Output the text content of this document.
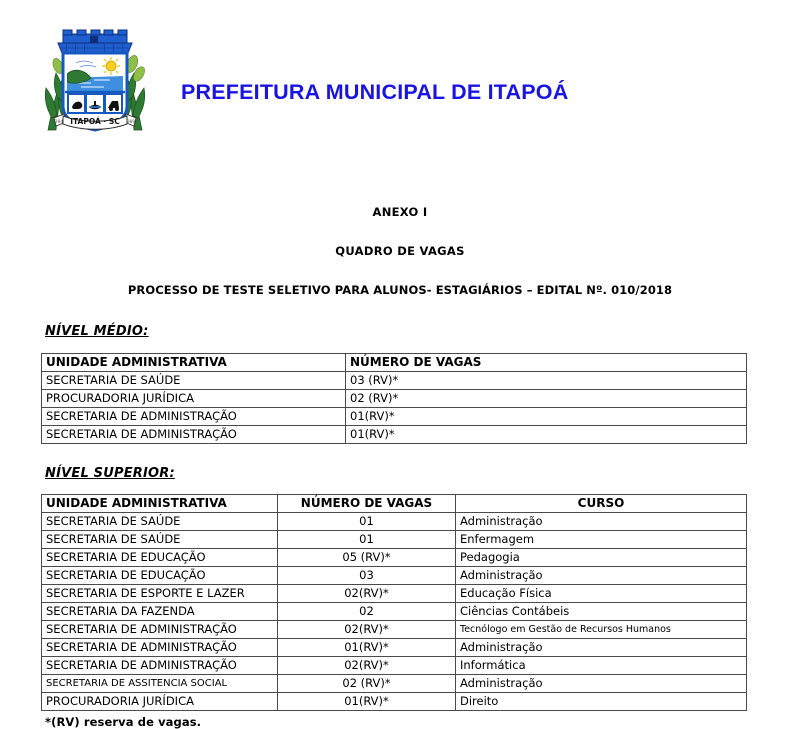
ITAPOÁ · SC
294	989
PREFEITURA MUNICIPAL DE ITAPOÁ
ANEXO I
QUADRO DE VAGAS
PROCESSO DE TESTE SELETIVO PARA ALUNOS- ESTAGIÁRIOS – EDITAL Nº. 010/2018
NÍVEL MÉDIO:
UNIDADE ADMINISTRATIVA	NÚMERO DE VAGAS
SECRETARIA DE SAÚDE	03 (RV)*
PROCURADORIA JURÍDICA	02 (RV)*
SECRETARIA DE ADMINISTRAÇÃO	01(RV)*
SECRETARIA DE ADMINISTRAÇÃO	01(RV)*
NÍVEL SUPERIOR:
UNIDADE ADMINISTRATIVA	NÚMERO DE VAGAS	CURSO
SECRETARIA DE SAÚDE	01	Administração
SECRETARIA DE SAÚDE	01	Enfermagem
SECRETARIA DE EDUCAÇÃO	05 (RV)*	Pedagogia
SECRETARIA DE EDUCAÇÃO	03	Administração
SECRETARIA DE ESPORTE E LAZER	02(RV)*	Educação Física
SECRETARIA DA FAZENDA	02	Ciências Contábeis
SECRETARIA DE ADMINISTRAÇÃO	02(RV)*	Tecnólogo em Gestão de Recursos Humanos
SECRETARIA DE ADMINISTRAÇÃO	01(RV)*	Administração
SECRETARIA DE ADMINISTRAÇÃO	02(RV)*	Informática
SECRETARIA DE ASSITENCIA SOCIAL	02 (RV)*	Administração
PROCURADORIA JURÍDICA	01(RV)*	Direito
*(RV) reserva de vagas.
